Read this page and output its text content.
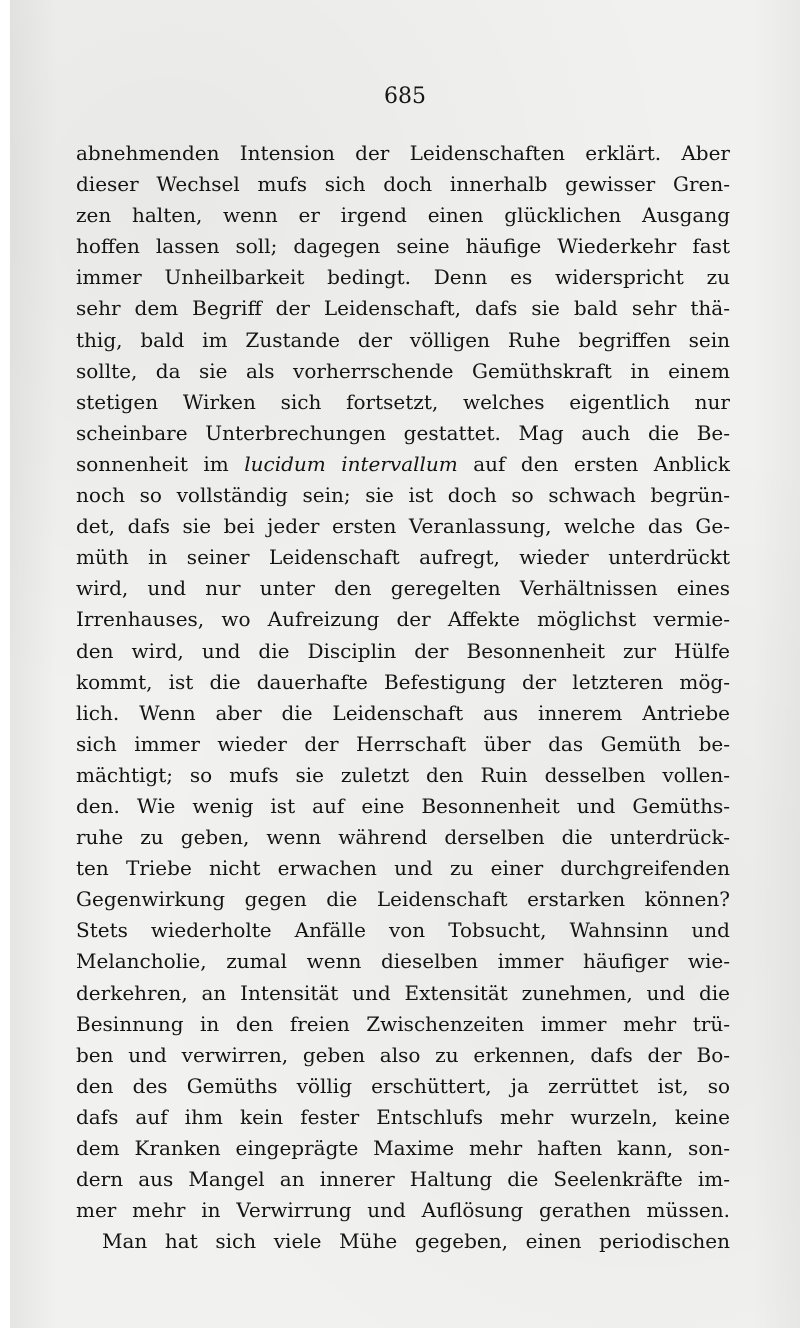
685
abnehmenden Intension der Leidenschaften erklärt. Aber
dieser Wechsel mufs sich doch innerhalb gewisser Gren-
zen halten, wenn er irgend einen glücklichen Ausgang
hoffen lassen soll; dagegen seine häufige Wiederkehr fast
immer Unheilbarkeit bedingt. Denn es widerspricht zu
sehr dem Begriff der Leidenschaft, dafs sie bald sehr thä-
thig, bald im Zustande der völligen Ruhe begriffen sein
sollte, da sie als vorherrschende Gemüthskraft in einem
stetigen Wirken sich fortsetzt, welches eigentlich nur
scheinbare Unterbrechungen gestattet. Mag auch die Be-
sonnenheit im lucidum intervallum auf den ersten Anblick
noch so vollständig sein; sie ist doch so schwach begrün-
det, dafs sie bei jeder ersten Veranlassung, welche das Ge-
müth in seiner Leidenschaft aufregt, wieder unterdrückt
wird, und nur unter den geregelten Verhältnissen eines
Irrenhauses, wo Aufreizung der Affekte möglichst vermie-
den wird, und die Disciplin der Besonnenheit zur Hülfe
kommt, ist die dauerhafte Befestigung der letzteren mög-
lich. Wenn aber die Leidenschaft aus innerem Antriebe
sich immer wieder der Herrschaft über das Gemüth be-
mächtigt; so mufs sie zuletzt den Ruin desselben vollen-
den. Wie wenig ist auf eine Besonnenheit und Gemüths-
ruhe zu geben, wenn während derselben die unterdrück-
ten Triebe nicht erwachen und zu einer durchgreifenden
Gegenwirkung gegen die Leidenschaft erstarken können?
Stets wiederholte Anfälle von Tobsucht, Wahnsinn und
Melancholie, zumal wenn dieselben immer häufiger wie-
derkehren, an Intensität und Extensität zunehmen, und die
Besinnung in den freien Zwischenzeiten immer mehr trü-
ben und verwirren, geben also zu erkennen, dafs der Bo-
den des Gemüths völlig erschüttert, ja zerrüttet ist, so
dafs auf ihm kein fester Entschlufs mehr wurzeln, keine
dem Kranken eingeprägte Maxime mehr haften kann, son-
dern aus Mangel an innerer Haltung die Seelenkräfte im-
mer mehr in Verwirrung und Auflösung gerathen müssen.
Man hat sich viele Mühe gegeben, einen periodischen
